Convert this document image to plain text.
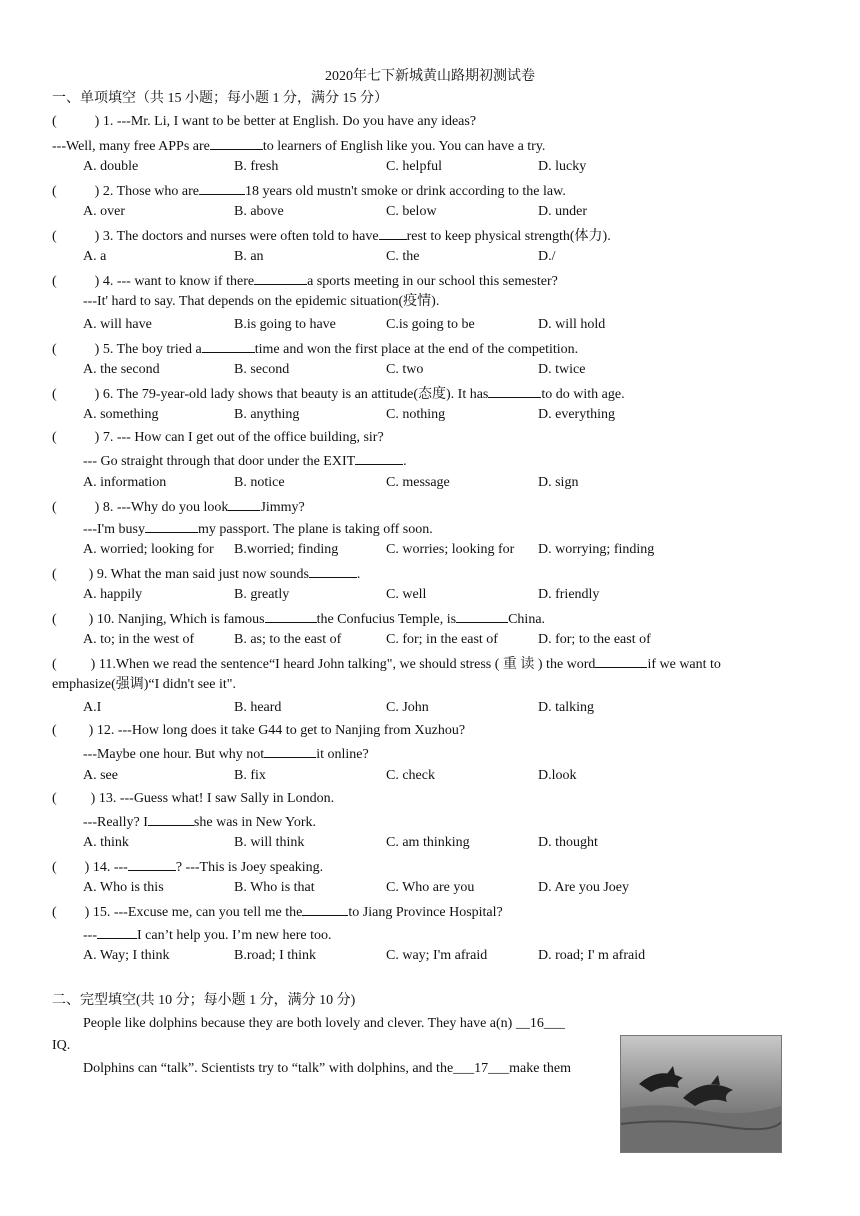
2020年七下新城黄山路期初测试卷
一、单项填空（共 15 小题；每小题 1 分，满分 15 分）
(	) 1. ---Mr. Li, I want to be better at English. Do you have any ideas?
---Well, many free APPs are	to learners of English like you. You can have a try.
A. double	B. fresh	C. helpful	D. lucky
(	) 2. Those who are	18 years old mustn't smoke or drink according to the law.
A. over	B. above	C. below	D. under
(	) 3. The doctors and nurses were often told to have rest to keep physical strength(体力).
A. a	B. an	C. the	D./
(	) 4. --- want to know if there	a sports meeting in our school this semester?
---It' hard to say. That depends on the epidemic situation(疫情).
A. will have	B.is going to have	C.is going to be	D. will hold
(	) 5. The boy tried a	time and won the first place at the end of the competition.
A. the second	B. second	C. two	D. twice
(	) 6. The 79-year-old lady shows that beauty is an attitude(态度). It has	to do with age.
A. something	B. anything	C. nothing	D. everything
(	) 7. --- How can I get out of the office building, sir?
--- Go straight through that door under the EXIT	.
A. information	B. notice	C. message	D. sign
(	) 8. ---Why do you look Jimmy?
---I'm busy	my passport. The plane is taking off soon.
A. worried; looking for B.worried; finding	C. worries; looking for D. worrying; finding
( ) 9. What the man said just now sounds	.
A. happily	B. greatly	C. well	D. friendly
( ) 10. Nanjing, Which is famous	the Confucius Temple, is	China.
A. to; in the west of	B. as; to the east of	C. for; in the east of	D. for; to the east of
( ) 11.When we read the sentence“I heard John talking", we should stress ( 重 读 ) the word	if we want to
emphasize(强调)“I didn't see it".
A.I	B. heard	C. John	D. talking
( ) 12. ---How long does it take G44 to get to Nanjing from Xuzhou?
---Maybe one hour. But why not	it online?
A. see	B. fix	C. check	D.look
( ) 13. ---Guess what! I saw Sally in London.
---Really? I	she was in New York.
A. think	B. will think	C. am thinking	D. thought
( ) 14. ---	? ---This is Joey speaking.
A. Who is this	B. Who is that	C. Who are you	D. Are you Joey
( ) 15. ---Excuse me, can you tell me the	to Jiang Province Hospital?
---	I can’t help you. I’m new here too.
A. Way; I think	B.road; I think	C. way; I'm afraid	D. road; I' m afraid
二、完型填空(共 10 分；每小题 1 分，满分 10 分)
People like dolphins because they are both lovely and clever. They have a(n) __16___
IQ.
Dolphins can “talk”. Scientists try to “talk” with dolphins, and the___17___make them
